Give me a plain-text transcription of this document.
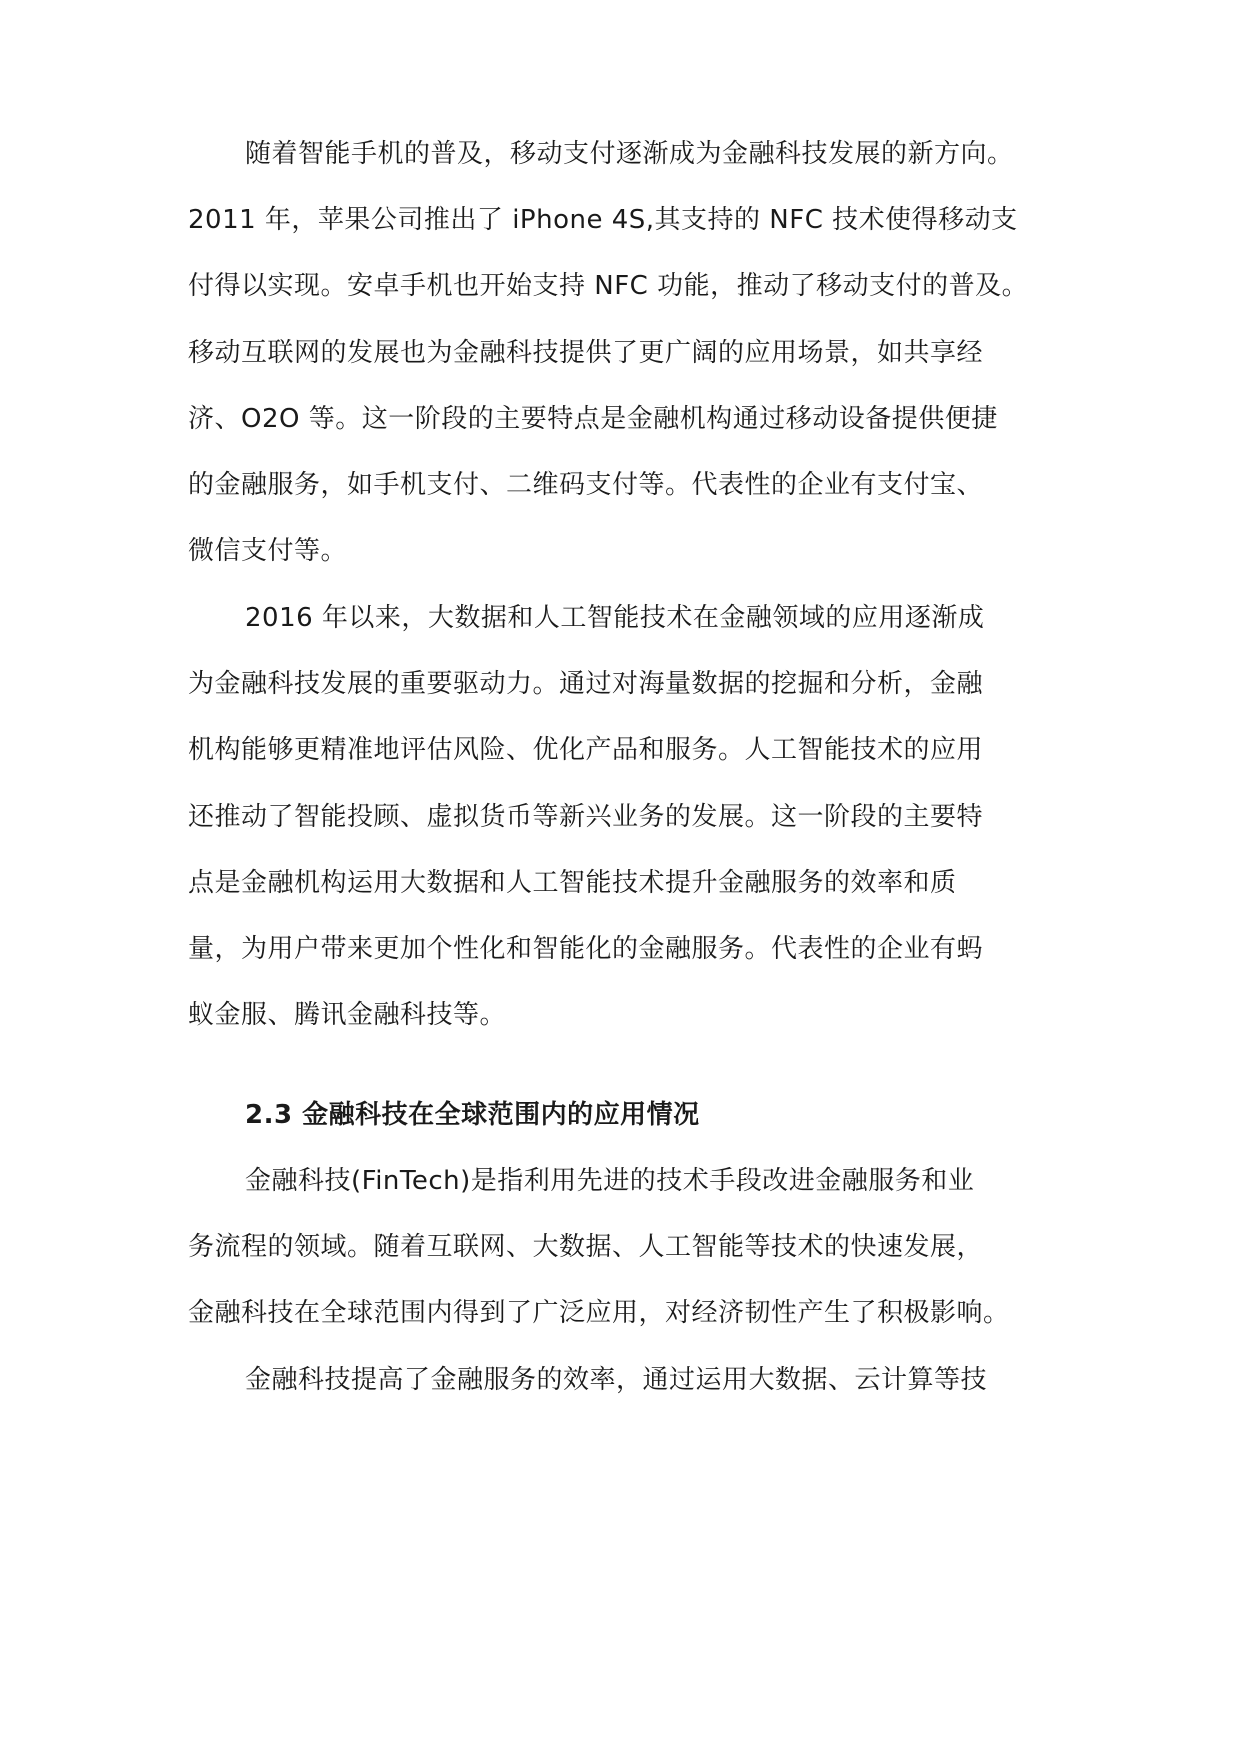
随着智能手机的普及，移动支付逐渐成为金融科技发展的新方向。
2011 年，苹果公司推出了 iPhone 4S,其支持的 NFC 技术使得移动支
付得以实现。安卓手机也开始支持 NFC 功能，推动了移动支付的普及。
移动互联网的发展也为金融科技提供了更广阔的应用场景，如共享经
济、O2O 等。这一阶段的主要特点是金融机构通过移动设备提供便捷
的金融服务，如手机支付、二维码支付等。代表性的企业有支付宝、
微信支付等。
2016 年以来，大数据和人工智能技术在金融领域的应用逐渐成
为金融科技发展的重要驱动力。通过对海量数据的挖掘和分析，金融
机构能够更精准地评估风险、优化产品和服务。人工智能技术的应用
还推动了智能投顾、虚拟货币等新兴业务的发展。这一阶段的主要特
点是金融机构运用大数据和人工智能技术提升金融服务的效率和质
量，为用户带来更加个性化和智能化的金融服务。代表性的企业有蚂
蚁金服、腾讯金融科技等。
2.3 金融科技在全球范围内的应用情况
金融科技(FinTech)是指利用先进的技术手段改进金融服务和业
务流程的领域。随着互联网、大数据、人工智能等技术的快速发展，
金融科技在全球范围内得到了广泛应用，对经济韧性产生了积极影响。
金融科技提高了金融服务的效率，通过运用大数据、云计算等技
